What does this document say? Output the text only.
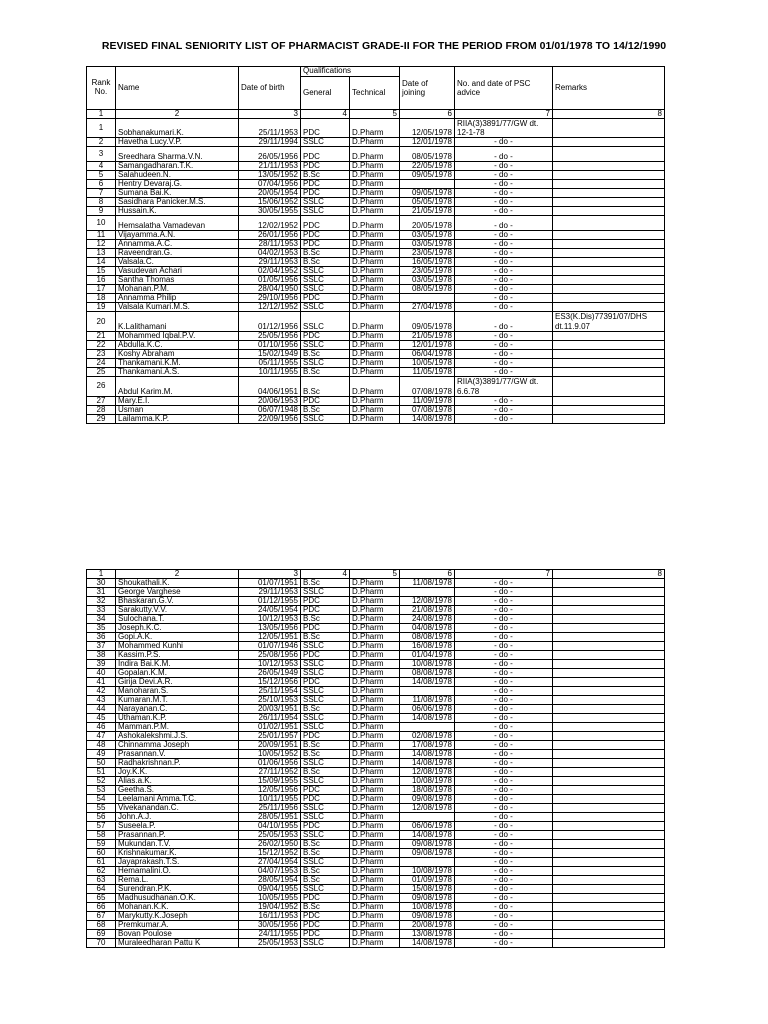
REVISED FINAL SENIORITY LIST OF PHARMACIST GRADE-II FOR THE PERIOD FROM 01/01/1978 TO 14/12/1990
Rank No.	Name	Date of birth	Qualifications		Date of joining	No. and date of PSC advice	Remarks
			General	Technical			
1	2	3	4	5	6	7	8
1	Sobhanakumari.K.	25/11/1953	PDC	D.Pharm	12/05/1978	RIIA(3)3891/77/GW dt. 12-1-78	
2	Havetha Lucy.V.P.	29/11/1994	SSLC	D.Pharm	12/01/1978	- do -	
3	Sreedhara Sharma.V.N.	26/05/1956	PDC	D.Pharm	08/05/1978	- do -	
4	Samangadharan.T.K.	21/11/1953	PDC	D.Pharm	22/05/1978	- do -	
5	Salahudeen.N.	13/05/1952	B.Sc	D.Pharm	09/05/1978	- do -	
6	Hentry Devaraj.G.	07/04/1956	PDC	D.Pharm		- do -	
7	Sumana Bai.K.	20/05/1954	PDC	D.Pharm	09/05/1978	- do -	
8	Sasidhara Panicker.M.S.	15/06/1952	SSLC	D.Pharm	05/05/1978	- do -	
9	Hussain.K.	30/05/1955	SSLC	D.Pharm	21/05/1978	- do -	
10	Hemsalatha Vamadevan	12/02/1952	PDC	D.Pharm	20/05/1978	- do -	
11	Vijayamma.A.N.	26/01/1956	PDC	D.Pharm	03/05/1978	- do -	
12	Annamma.A.C.	28/11/1953	PDC	D.Pharm	03/05/1978	- do -	
13	Raveendran.G.	04/02/1953	B.Sc	D.Pharm	23/05/1978	- do -	
14	Valsala.C.	29/11/1953	B.Sc	D.Pharm	16/05/1978	- do -	
15	Vasudevan Achari	02/04/1952	SSLC	D.Pharm	23/05/1978	- do -	
16	Santha Thomas	01/05/1956	SSLC	D.Pharm	03/05/1978	- do -	
17	Mohanan.P.M.	28/04/1950	SSLC	D.Pharm	08/05/1978	- do -	
18	Annamma Philip	29/10/1956	PDC	D.Pharm		- do -	
19	Valsala Kumari.M.S.	12/12/1952	SSLC	D.Pharm	27/04/1978	- do -	
20	K.Lalithamani	01/12/1956	SSLC	D.Pharm	09/05/1978	- do -	ES3(K.Dis)77391/07/DHS dt.11.9.07
21	Mohammed Iqbal.P.V.	25/05/1956	PDC	D.Pharm	21/05/1978	- do -	
22	Abdulla.K.C.	01/10/1956	SSLC	D.Pharm	12/01/1978	- do -	
23	Koshy Abraham	15/02/1949	B.Sc	D.Pharm	06/04/1978	- do -	
24	Thankamani.K.M.	05/11/1955	SSLC	D.Pharm	10/05/1978	- do -	
25	Thankamani.A.S.	10/11/1955	B.Sc	D.Pharm	11/05/1978	- do -	
26	Abdul Karim.M.	04/06/1951	B.Sc	D.Pharm	07/08/1978	RIIA(3)3891/77/GW dt. 6.6.78	
27	Mary.E.I.	20/06/1953	PDC	D.Pharm	11/09/1978	- do -	
28	Usman	06/07/1948	B.Sc	D.Pharm	07/08/1978	- do -	
29	Lailamma.K.P.	22/09/1956	SSLC	D.Pharm	14/08/1978	- do -	
1	2	3	4	5	6	7	8
30	Shoukathali.K.	01/07/1951	B.Sc	D.Pharm	11/08/1978	- do -	
31	George Varghese	29/11/1953	SSLC	D.Pharm		- do -	
32	Bhaskaran.G.V.	01/12/1955	PDC	D.Pharm	12/08/1978	- do -	
33	Sarakutty.V.V.	24/05/1954	PDC	D.Pharm	21/08/1978	- do -	
34	Sulochana.T.	10/12/1953	B.Sc	D.Pharm	24/08/1978	- do -	
35	Joseph.K.C.	13/05/1956	PDC	D.Pharm	04/08/1978	- do -	
36	Gopi.A.K.	12/05/1951	B.Sc	D.Pharm	08/08/1978	- do -	
37	Mohammed Kunhi	01/07/1946	SSLC	D.Pharm	16/08/1978	- do -	
38	Kassim.P.S.	25/08/1956	PDC	D.Pharm	01/04/1978	- do -	
39	Indira Bai.K.M.	10/12/1953	SSLC	D.Pharm	10/08/1978	- do -	
40	Gopalan.K.M.	26/05/1949	SSLC	D.Pharm	08/08/1978	- do -	
41	Girija Devi.A.R.	15/12/1956	PDC	D.Pharm	14/08/1978	- do -	
42	Manoharan.S.	25/11/1954	SSLC	D.Pharm		- do -	
43	Kumaran.M.T.	25/10/1953	SSLC	D.Pharm	11/08/1978	- do -	
44	Narayanan.C.	20/03/1951	B.Sc	D.Pharm	06/06/1978	- do -	
45	Uthaman.K.P.	26/11/1954	SSLC	D.Pharm	14/08/1978	- do -	
46	Mamman.P.M.	01/02/1951	SSLC	D.Pharm		- do -	
47	Ashokalekshmi.J.S.	25/01/1957	PDC	D.Pharm	02/08/1978	- do -	
48	Chinnamma Joseph	20/09/1951	B.Sc	D.Pharm	17/08/1978	- do -	
49	Prasannan.V.	10/05/1952	B.Sc	D.Pharm	14/08/1978	- do -	
50	Radhakrishnan.P.	01/06/1956	SSLC	D.Pharm	14/08/1978	- do -	
51	Joy.K.K.	27/11/1952	B.Sc	D.Pharm	12/08/1978	- do -	
52	Alias.a.K.	15/09/1955	SSLC	D.Pharm	10/08/1978	- do -	
53	Geetha.S.	12/05/1956	PDC	D.Pharm	18/08/1978	- do -	
54	Leelamani Amma.T.C.	10/11/1955	PDC	D.Pharm	09/08/1978	- do -	
55	Vivekanandan.C.	25/11/1956	SSLC	D.Pharm	12/08/1978	- do -	
56	John.A.J.	28/05/1951	SSLC	D.Pharm		- do -	
57	Suseela.P.	04/10/1955	PDC	D.Pharm	06/06/1978	- do -	
58	Prasannan.P.	25/05/1953	SSLC	D.Pharm	14/08/1978	- do -	
59	Mukundan.T.V.	26/02/1950	B.Sc	D.Pharm	09/08/1978	- do -	
60	Krishnakumar.K.	15/12/1952	B.Sc	D.Pharm	09/08/1978	- do -	
61	Jayaprakash.T.S.	27/04/1954	SSLC	D.Pharm		- do -	
62	Hemamalini.O.	04/07/1953	B.Sc	D.Pharm	10/08/1978	- do -	
63	Rema.L.	28/05/1954	B.Sc	D.Pharm	01/09/1978	- do -	
64	Surendran.P.K.	09/04/1955	SSLC	D.Pharm	15/08/1978	- do -	
65	Madhusudhanan.O.K.	10/05/1955	PDC	D.Pharm	09/08/1978	- do -	
66	Mohanan.K.K.	19/04/1952	B.Sc	D.Pharm	10/08/1978	- do -	
67	Marykutty.K.Joseph	16/11/1953	PDC	D.Pharm	09/08/1978	- do -	
68	Premkumar.A.	30/05/1956	PDC	D.Pharm	20/08/1978	- do -	
69	Bovan Poulose	24/11/1955	PDC	D.Pharm	13/08/1978	- do -	
70	Muraleedharan Pattu K	25/05/1953	SSLC	D.Pharm	14/08/1978	- do -	
